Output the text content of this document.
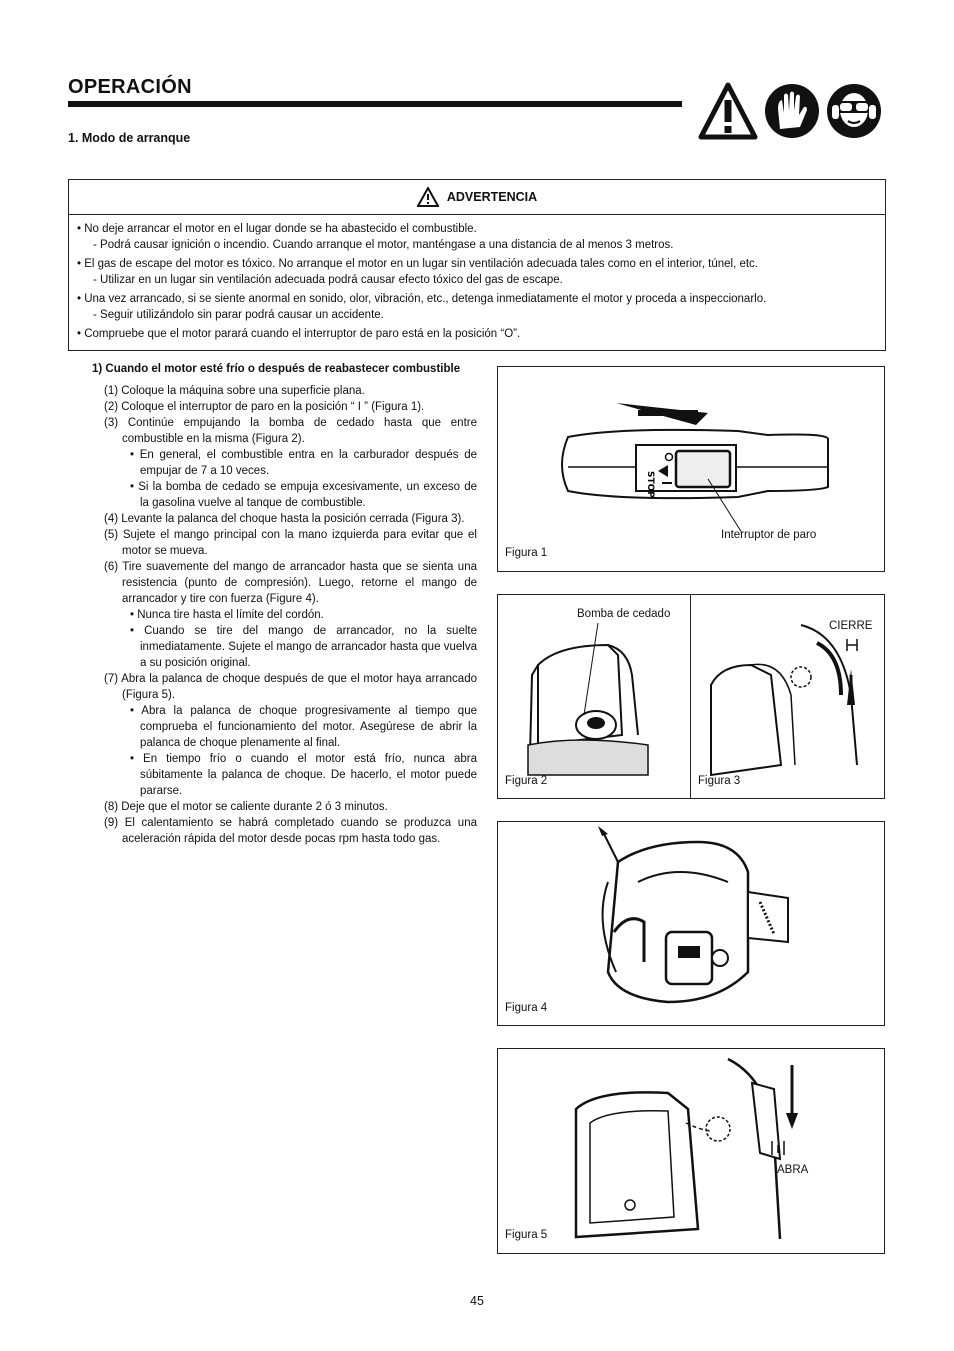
OPERACIÓN
1. Modo de arranque
ADVERTENCIA
• No deje arrancar el motor en el lugar donde se ha abastecido el combustible.
- Podrá causar ignición o incendio. Cuando arranque el motor, manténgase a una distancia de al menos 3 metros.
• El gas de escape del motor es tóxico. No arranque el motor en un lugar sin ventilación adecuada tales como en el interior, túnel, etc.
- Utilizar en un lugar sin ventilación adecuada podrá causar efecto tóxico del gas de escape.
• Una vez arrancado, si se siente anormal en sonido, olor, vibración, etc., detenga inmediatamente el motor y proceda a inspeccionarlo.
- Seguir utilizándolo sin parar podrá causar un accidente.
• Compruebe que el motor parará cuando el interruptor de paro está en la posición “O”.
1) Cuando el motor esté frío o después de reabastecer combustible
(1) Coloque la máquina sobre una superficie plana.
(2) Coloque el interruptor de paro en la posición “ I ” (Figura 1).
(3) Continúe empujando la bomba de cedado hasta que entre combustible en la misma (Figura 2).
• En general, el combustible entra en la carburador después de empujar de 7 a 10 veces.
• Si la bomba de cedado se empuja excesivamente, un exceso de la gasolina vuelve al tanque de combustible.
(4) Levante la palanca del choque hasta la posición cerrada (Figura 3).
(5) Sujete el mango principal con la mano izquierda para evitar que el motor se mueva.
(6) Tire suavemente del mango de arrancador hasta que se sienta una resistencia (punto de compresión). Luego, retorne el mango de arrancador y tire con fuerza (Figure 4).
• Nunca tire hasta el límite del cordón.
• Cuando se tire del mango de arrancador, no la suelte inmediatamente. Sujete el mango de arrancador hasta que vuelva a su posición original.
(7) Abra la palanca de choque después de que el motor haya arrancado (Figura 5).
• Abra la palanca de choque progresivamente al tiempo que comprueba el funcionamiento del motor. Asegúrese de abrir la palanca de choque plenamente al final.
• En tiempo frío o cuando el motor está frío, nunca abra súbitamente la palanca de choque. De hacerlo, el motor puede pararse.
(8) Deje que el motor se caliente durante 2 ó 3 minutos.
(9) El calentamiento se habrá completado cuando se produzca una aceleración rápida del motor desde pocas rpm hasta todo gas.
STOP
Interruptor de paro
Figura 1
Bomba de cedado
CIERRE
Figura 2	Figura 3
Figura 4
ABRA
Figura 5
45
